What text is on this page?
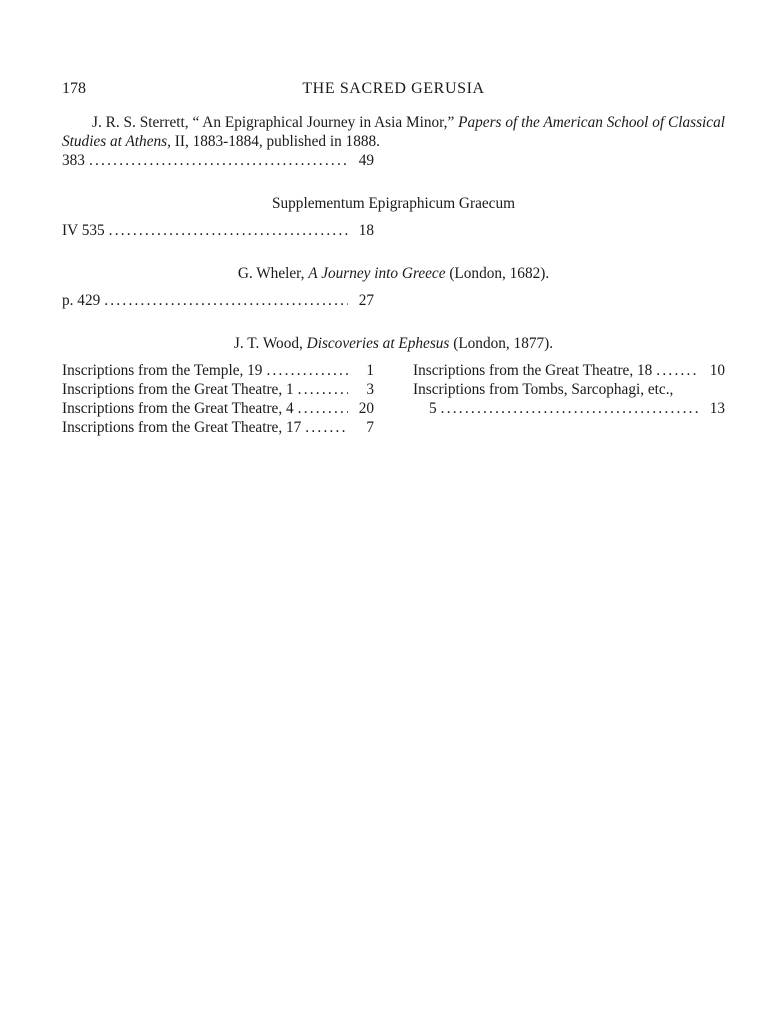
178	THE SACRED GERUSIA

J. R. S. Sterrett, “ An Epigraphical Journey in Asia Minor,” Papers of the American School of Classical Studies at Athens, II, 1883-1884, published in 1888.

383 . . .	49

Supplementum Epigraphicum Graecum

IV 535 . . .	18

G. Wheler, A Journey into Greece (London, 1682).

p. 429 . . .	27

J. T. Wood, Discoveries at Ephesus (London, 1877).

Inscriptions from the Temple, 19 . . .	1
Inscriptions from the Great Theatre, 1 . . .	3
Inscriptions from the Great Theatre, 4 . . .	20
Inscriptions from the Great Theatre, 17 . . .	7
Inscriptions from the Great Theatre, 18 . . .	10
Inscriptions from Tombs, Sarcophagi, etc.,
5 . . .	13
